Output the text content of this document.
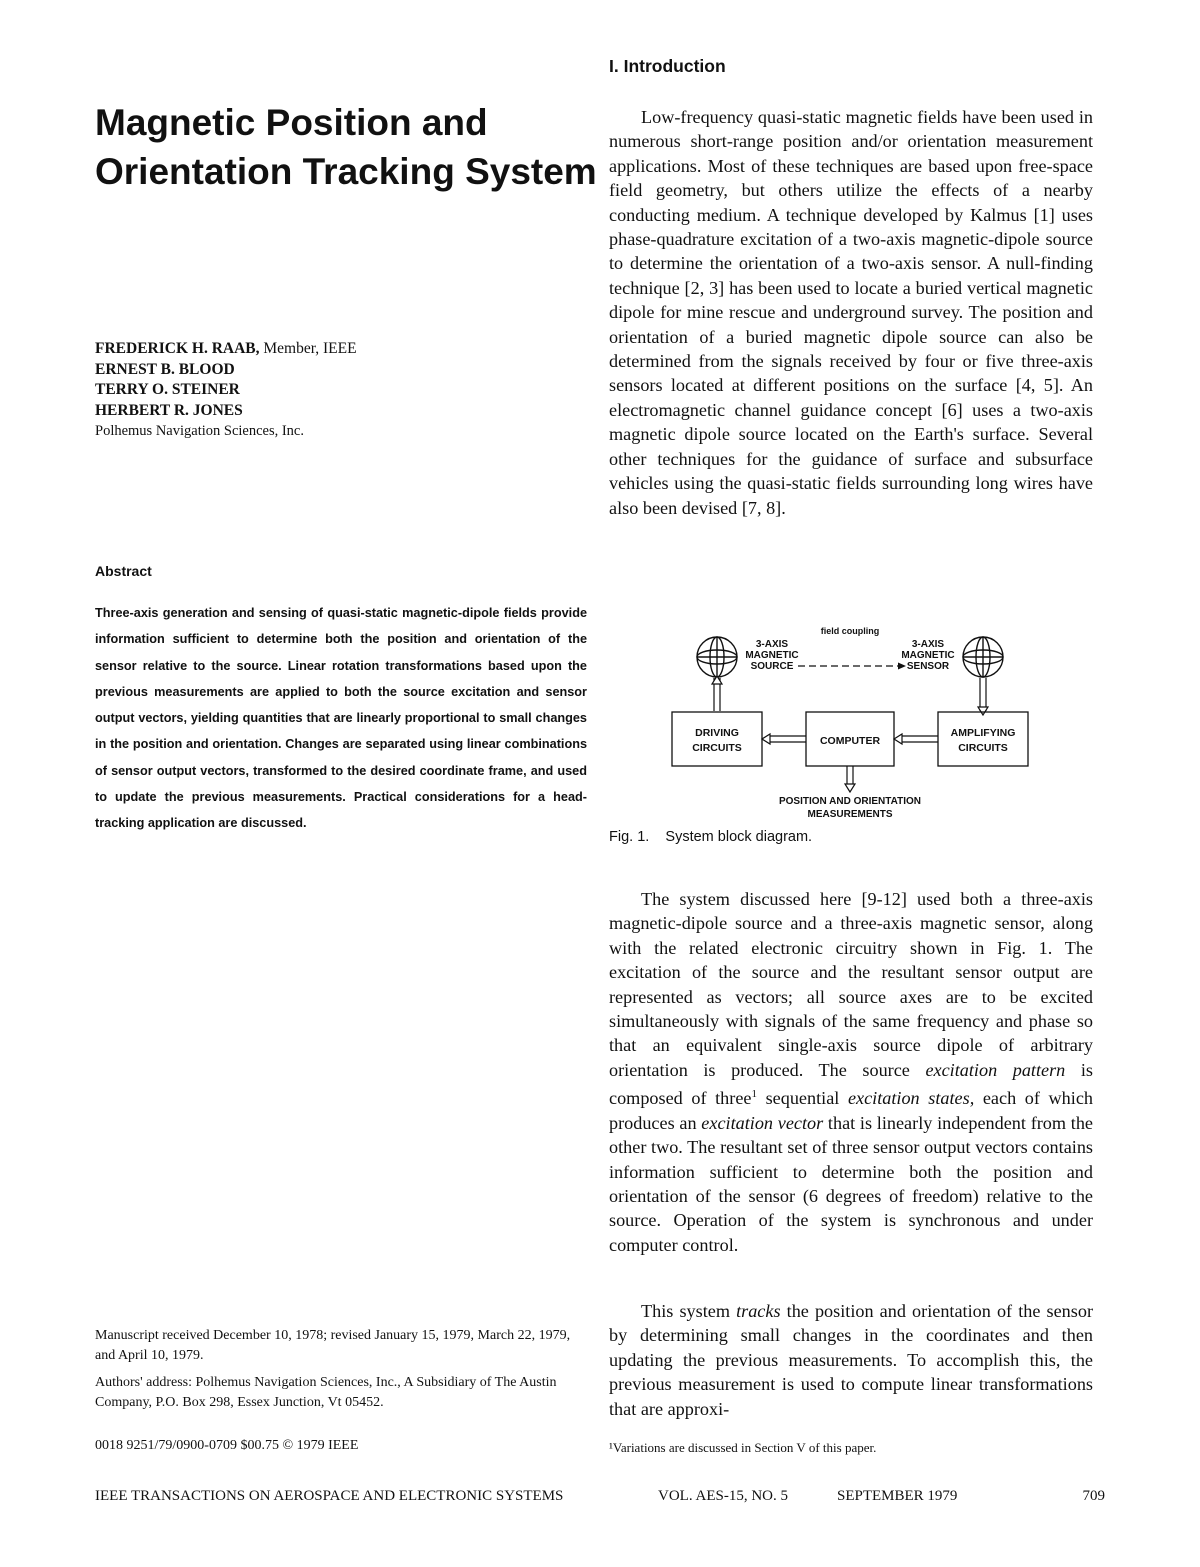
Magnetic Position and
Orientation Tracking System
FREDERICK H. RAAB, Member, IEEE
ERNEST B. BLOOD
TERRY O. STEINER
HERBERT R. JONES
Polhemus Navigation Sciences, Inc.
Abstract

Three-axis generation and sensing of quasi-static magnetic-dipole fields provide information sufficient to determine both the position and orientation of the sensor relative to the source. Linear rotation transformations based upon the previous measurements are applied to both the source excitation and sensor output vectors, yielding quantities that are linearly proportional to small changes in the position and orientation. Changes are separated using linear combinations of sensor output vectors, transformed to the desired coordinate frame, and used to update the previous measurements. Practical considerations for a head-tracking application are discussed.

Manuscript received December 10, 1978; revised January 15, 1979, March 22, 1979, and April 10, 1979.

Authors' address: Polhemus Navigation Sciences, Inc., A Subsidiary of The Austin Company, P.O. Box 298, Essex Junction, Vt 05452.

0018 9251/79/0900-0709 $00.75 © 1979 IEEE

I. Introduction

Low-frequency quasi-static magnetic fields have been used in numerous short-range position and/or orientation measurement applications. Most of these techniques are based upon free-space field geometry, but others utilize the effects of a nearby conducting medium. A technique developed by Kalmus [1] uses phase-quadrature excitation of a two-axis magnetic-dipole source to determine the orientation of a two-axis sensor. A null-finding technique [2, 3] has been used to locate a buried vertical magnetic dipole for mine rescue and underground survey. The position and orientation of a buried magnetic dipole source can also be determined from the signals received by four or five three-axis sensors located at different positions on the surface [4, 5]. An electromagnetic channel guidance concept [6] uses a two-axis magnetic dipole source located on the Earth's surface. Several other techniques for the guidance of surface and subsurface vehicles using the quasi-static fields surrounding long wires have also been devised [7, 8].

field coupling
3-AXIS
MAGNETIC
SOURCE
3-AXIS
MAGNETIC
SENSOR
DRIVING
CIRCUITS
COMPUTER
AMPLIFYING
CIRCUITS
POSITION AND ORIENTATION
MEASUREMENTS

Fig. 1.    System block diagram.

The system discussed here [9-12] used both a three-axis magnetic-dipole source and a three-axis magnetic sensor, along with the related electronic circuitry shown in Fig. 1. The excitation of the source and the resultant sensor output are represented as vectors; all source axes are to be excited simultaneously with signals of the same frequency and phase so that an equivalent single-axis source dipole of arbitrary orientation is produced. The source excitation pattern is composed of three$^1$ sequential excitation states, each of which produces an excitation vector that is linearly independent from the other two. The resultant set of three sensor output vectors contains information sufficient to determine both the position and orientation of the sensor (6 degrees of freedom) relative to the source. Operation of the system is synchronous and under computer control.

This system tracks the position and orientation of the sensor by determining small changes in the coordinates and then updating the previous measurements. To accomplish this, the previous measurement is used to compute linear transformations that are approxi-

¹Variations are discussed in Section V of this paper.

IEEE TRANSACTIONS ON AEROSPACE AND ELECTRONIC SYSTEMS	VOL. AES-15, NO. 5	SEPTEMBER 1979	709
